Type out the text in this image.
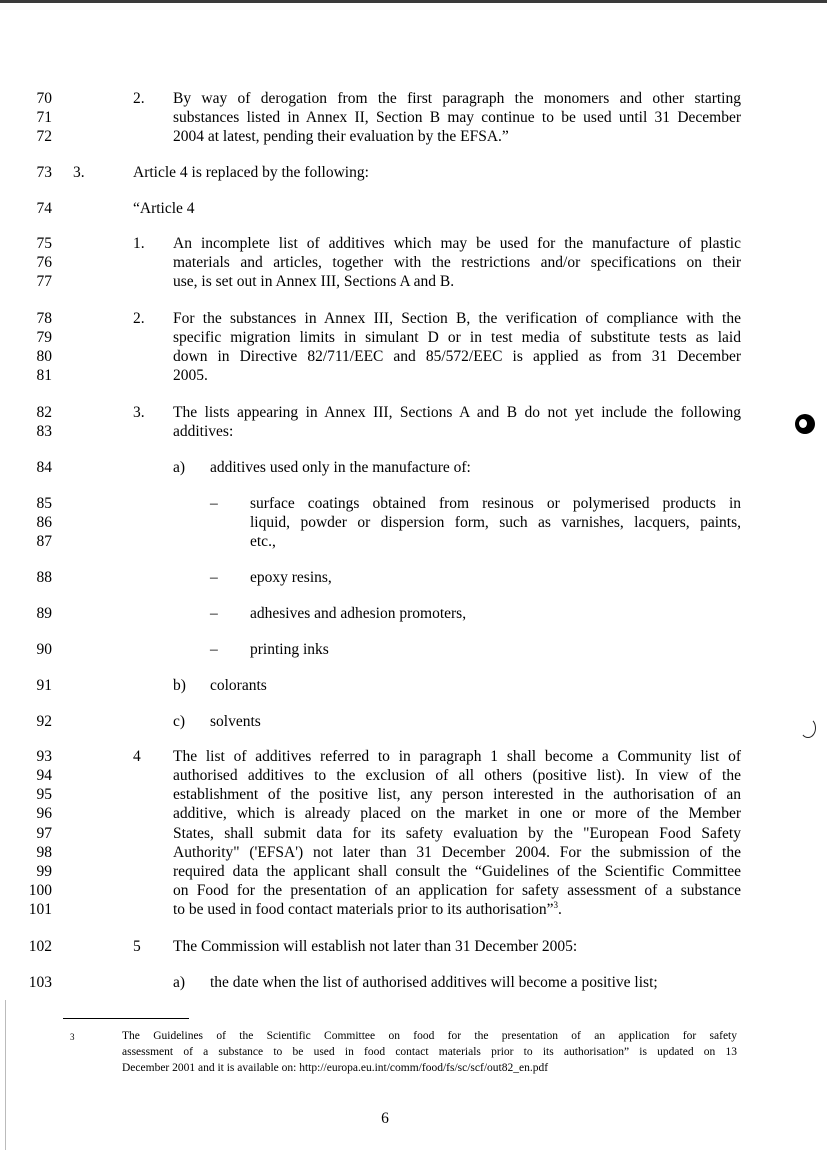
70
71
72
73
74
75
76
77
78
79
80
81
82
83
84
85
86
87
88
89
90
91
92
93
94
95
96
97
98
99
100
101
102
103
2. By way of derogation from the first paragraph the monomers and other starting
substances listed in Annex II, Section B may continue to be used until 31 December
2004 at latest, pending their evaluation by the EFSA.”
3.	Article 4 is replaced by the following:
“Article 4
1. An incomplete list of additives which may be used for the manufacture of plastic
materials and articles, together with the restrictions and/or specifications on their
use, is set out in Annex III, Sections A and B.
2. For the substances in Annex III, Section B, the verification of compliance with the
specific migration limits in simulant D or in test media of substitute tests as laid
down in Directive 82/711/EEC and 85/572/EEC is applied as from 31 December
2005.
3. The lists appearing in Annex III, Sections A and B do not yet include the following
additives:
a) additives used only in the manufacture of:
– surface coatings obtained from resinous or polymerised products in
liquid, powder or dispersion form, such as varnishes, lacquers, paints,
etc.,
– epoxy resins,
– adhesives and adhesion promoters,
– printing inks
b) colorants
c) solvents
4 The list of additives referred to in paragraph 1 shall become a Community list of
authorised additives to the exclusion of all others (positive list). In view of the
establishment of the positive list, any person interested in the authorisation of an
additive, which is already placed on the market in one or more of the Member
States, shall submit data for its safety evaluation by the "European Food Safety
Authority" ('EFSA') not later than 31 December 2004. For the submission of the
required data the applicant shall consult the “Guidelines of the Scientific Committee
on Food for the presentation of an application for safety assessment of a substance
to be used in food contact materials prior to its authorisation”$^3$.
5 The Commission will establish not later than 31 December 2005:
a) the date when the list of authorised additives will become a positive list;
3	The Guidelines of the Scientific Committee on food for the presentation of an application for safety
assessment of a substance to be used in food contact materials prior to its authorisation” is updated on 13
December 2001 and it is available on: http://europa.eu.int/comm/food/fs/sc/scf/out82_en.pdf
6
